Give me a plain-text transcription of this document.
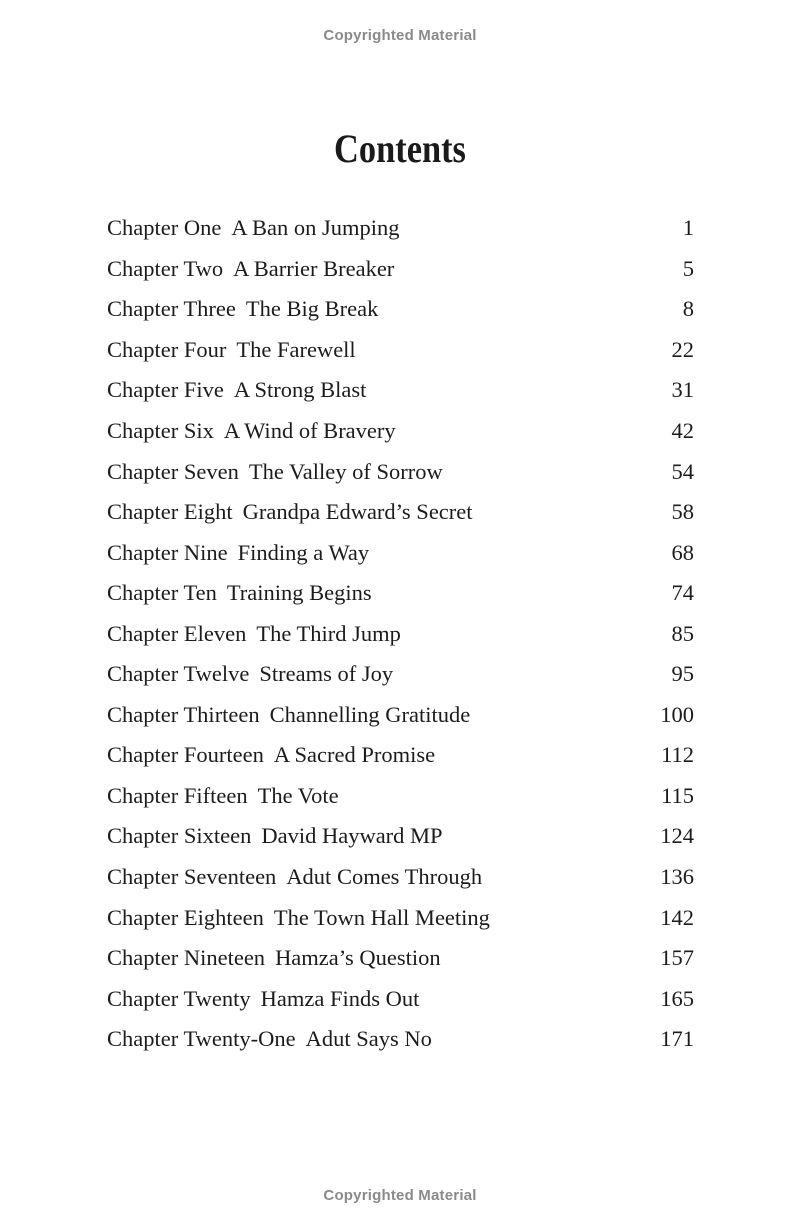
Copyrighted Material
Contents
Chapter One A Ban on Jumping	1
Chapter Two A Barrier Breaker	5
Chapter Three The Big Break	8
Chapter Four The Farewell	22
Chapter Five A Strong Blast	31
Chapter Six A Wind of Bravery	42
Chapter Seven The Valley of Sorrow	54
Chapter Eight Grandpa Edward’s Secret	58
Chapter Nine Finding a Way	68
Chapter Ten Training Begins	74
Chapter Eleven The Third Jump	85
Chapter Twelve Streams of Joy	95
Chapter Thirteen Channelling Gratitude	100
Chapter Fourteen A Sacred Promise	112
Chapter Fifteen The Vote	115
Chapter Sixteen David Hayward MP	124
Chapter Seventeen Adut Comes Through	136
Chapter Eighteen The Town Hall Meeting	142
Chapter Nineteen Hamza’s Question	157
Chapter Twenty Hamza Finds Out	165
Chapter Twenty-One Adut Says No	171
Copyrighted Material
